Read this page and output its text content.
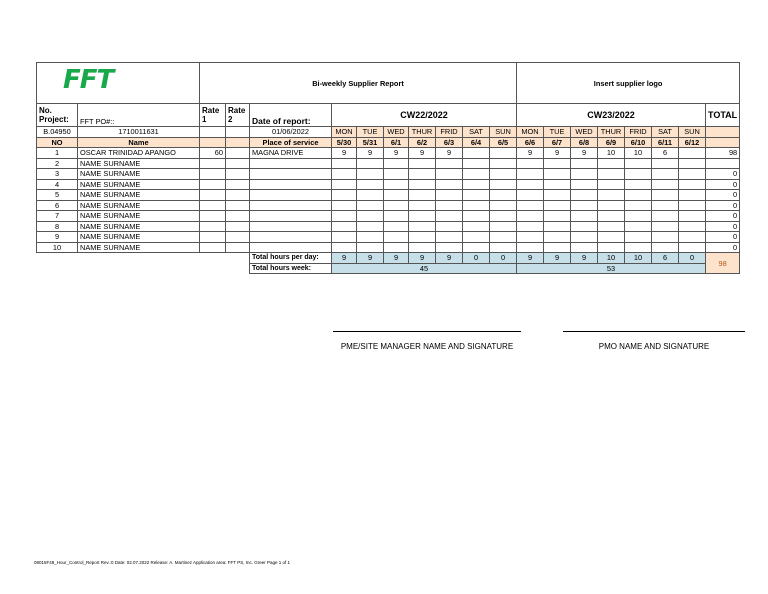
FFT		Bi-weekly Supplier Report										Insert supplier logo							
No. Project:	FFT PO#::	Rate 1	Rate 2	Date of report:	CW22/2022							CW23/2022							TOTAL
B.04950	1710011631			01/06/2022	MON	TUE	WED	THUR	FRID	SAT	SUN	MON	TUE	WED	THUR	FRID	SAT	SUN	
NO	Name			Place of service	5/30	5/31	6/1	6/2	6/3	6/4	6/5	6/6	6/7	6/8	6/9	6/10	6/11	6/12	
1	OSCAR TRINIDAD APANGO	60		MAGNA DRIVE	9	9	9	9	9			9	9	9	10	10	6		98
2	NAME SURNAME																		
3	NAME SURNAME																		0
4	NAME SURNAME																		0
5	NAME SURNAME																		0
6	NAME SURNAME																		0
7	NAME SURNAME																		0
8	NAME SURNAME																		0
9	NAME SURNAME																		0
10	NAME SURNAME																		0
				Total hours per day:	9	9	9	9	9	0	0	9	9	9	10	10	6	0	98
				Total hours week:	45							53							
PME/SITE MANAGER NAME AND SIGNATURE	PMO NAME AND SIGNATURE
08015F48_Hour_Control_Report Rev.:0 Date: 02.07.2022 Release: A. Martinez Application area: FFT PS, Inc. Greer Page 1 of 1
